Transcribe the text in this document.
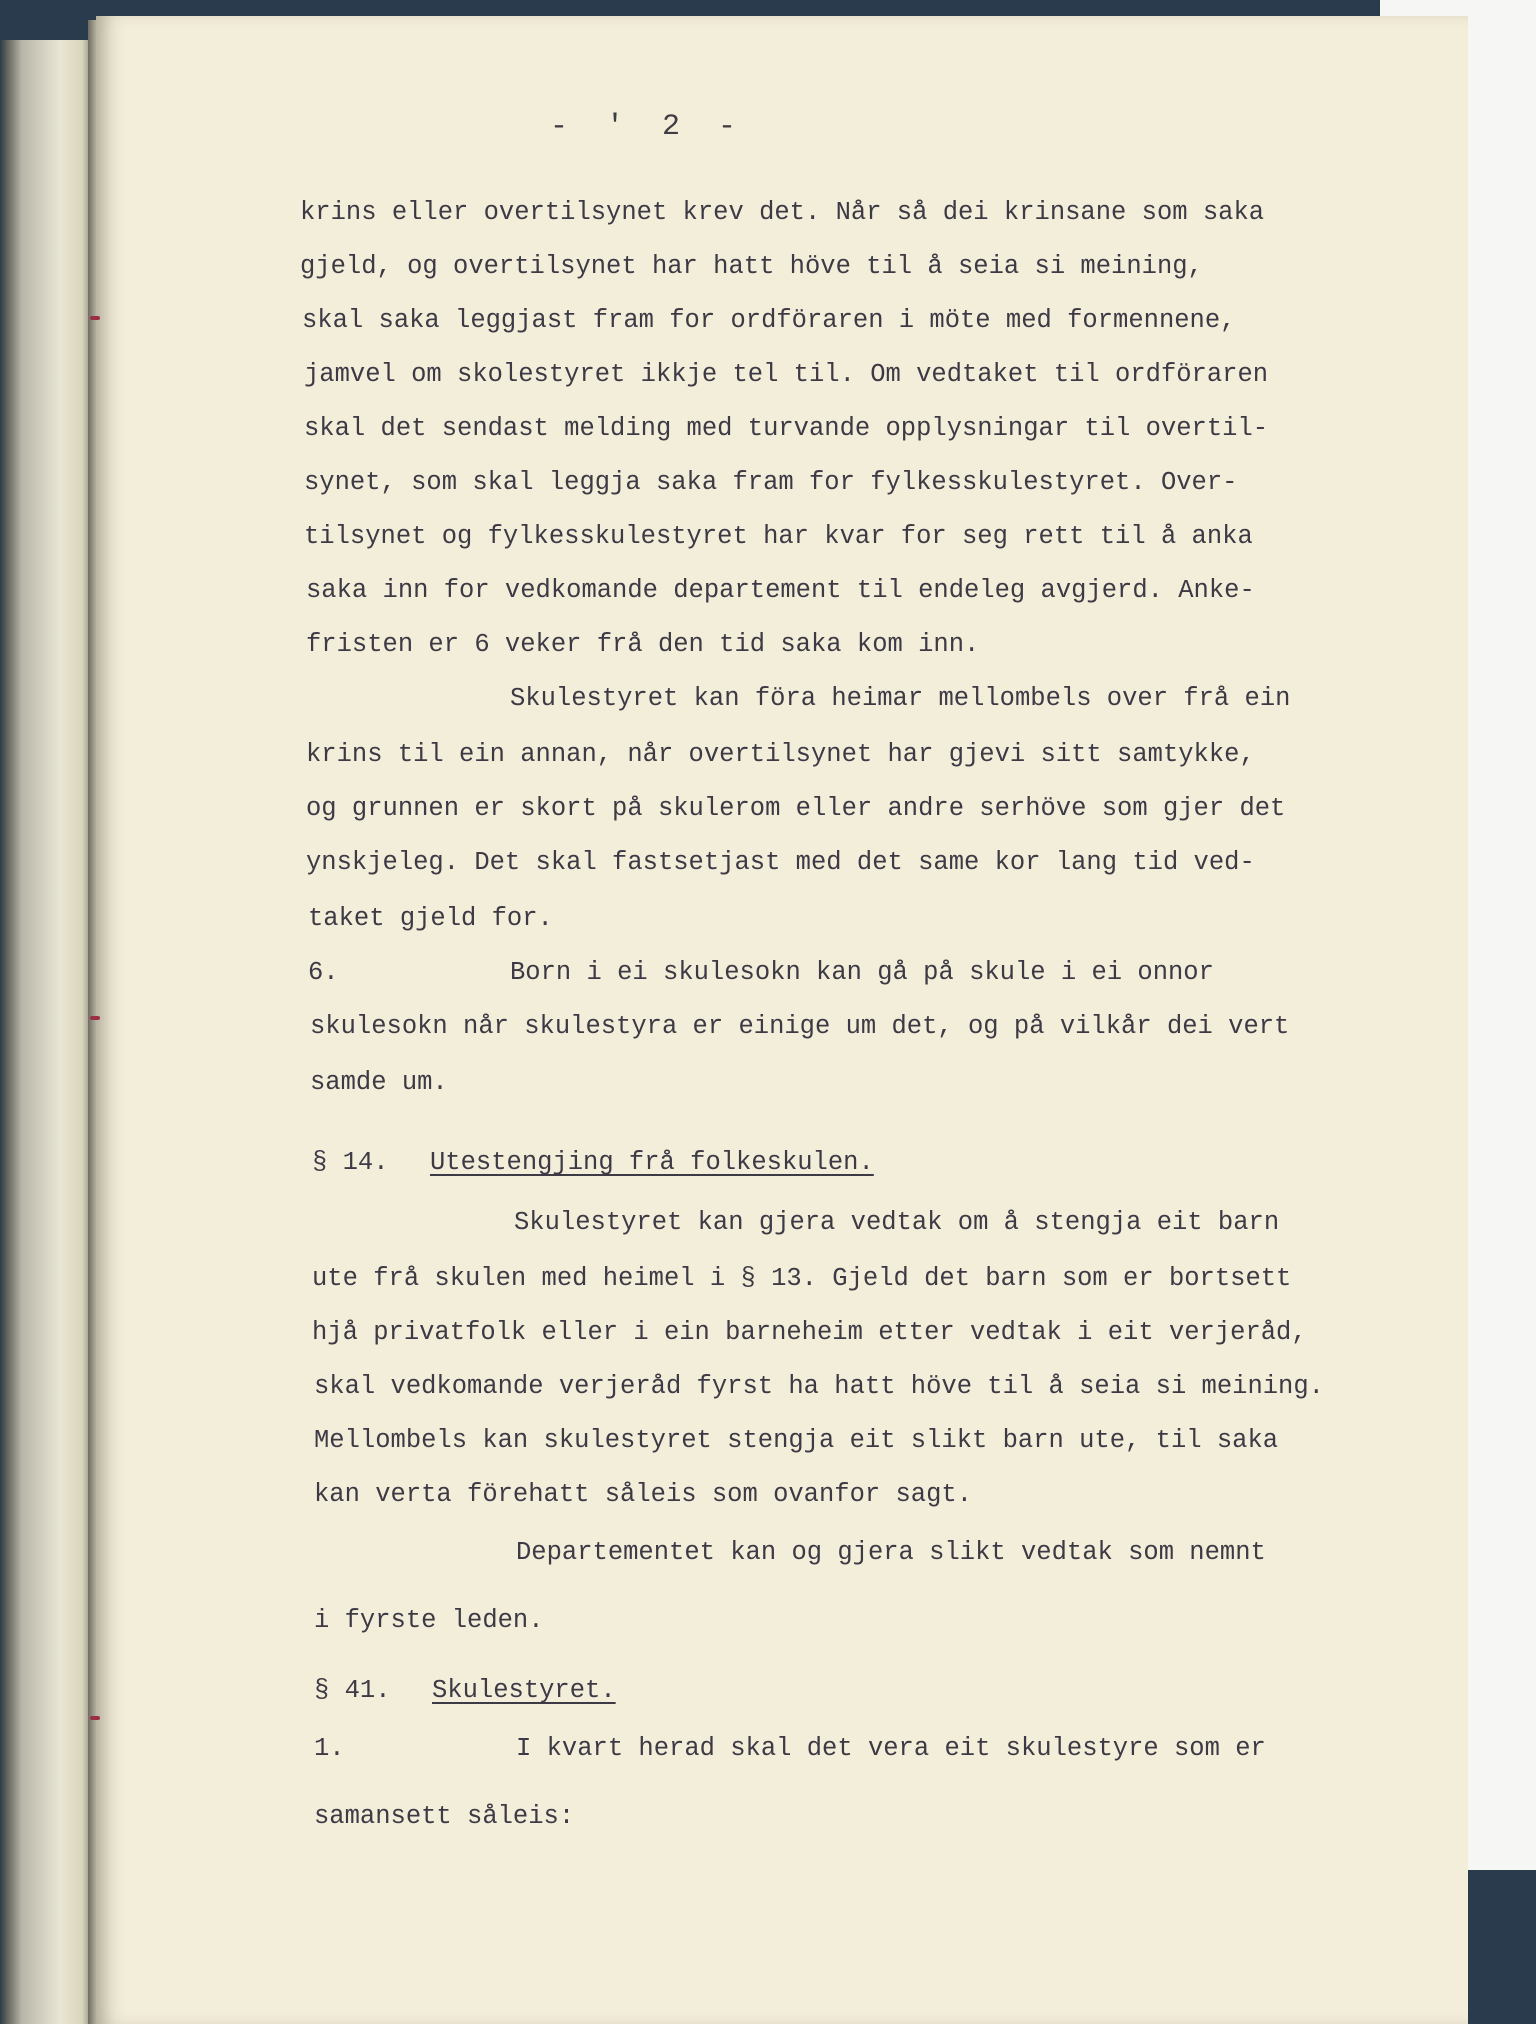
- ' 2 -
krins eller overtilsynet krev det. Når så dei krinsane som saka
gjeld, og overtilsynet har hatt höve til å seia si meining,
skal saka leggjast fram for ordföraren i möte med formennene,
jamvel om skolestyret ikkje tel til. Om vedtaket til ordföraren
skal det sendast melding med turvande opplysningar til overtil-
synet, som skal leggja saka fram for fylkesskulestyret. Over-
tilsynet og fylkesskulestyret har kvar for seg rett til å anka
saka inn for vedkomande departement til endeleg avgjerd. Anke-
fristen er 6 veker frå den tid saka kom inn.
Skulestyret kan föra heimar mellombels over frå ein
krins til ein annan, når overtilsynet har gjevi sitt samtykke,
og grunnen er skort på skulerom eller andre serhöve som gjer det
ynskjeleg. Det skal fastsetjast med det same kor lang tid ved-
taket gjeld for.
6.	Born i ei skulesokn kan gå på skule i ei onnor
skulesokn når skulestyra er einige um det, og på vilkår dei vert
samde um.
§ 14. Utestengjing frå folkeskulen.
Skulestyret kan gjera vedtak om å stengja eit barn
ute frå skulen med heimel i § 13. Gjeld det barn som er bortsett
hjå privatfolk eller i ein barneheim etter vedtak i eit verjeråd,
skal vedkomande verjeråd fyrst ha hatt höve til å seia si meining.
Mellombels kan skulestyret stengja eit slikt barn ute, til saka
kan verta förehatt såleis som ovanfor sagt.
Departementet kan og gjera slikt vedtak som nemnt
i fyrste leden.
§ 41. Skulestyret.
1.	I kvart herad skal det vera eit skulestyre som er
samansett såleis:
